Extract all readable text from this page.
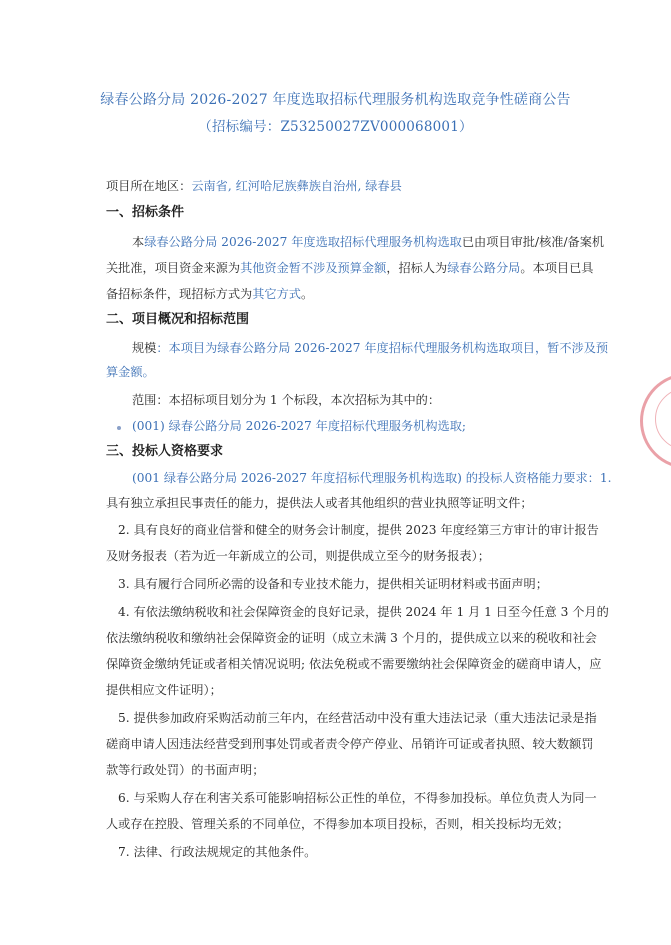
绿春公路分局 2026-2027 年度选取招标代理服务机构选取竞争性磋商公告
（招标编号：Z53250027ZV000068001）
项目所在地区：云南省, 红河哈尼族彝族自治州, 绿春县
一、招标条件
本绿春公路分局 2026-2027 年度选取招标代理服务机构选取已由项目审批/核准/备案机
关批准，项目资金来源为其他资金暂不涉及预算金额，招标人为绿春公路分局。本项目已具
备招标条件，现招标方式为其它方式。
二、项目概况和招标范围
规模：本项目为绿春公路分局 2026-2027 年度招标代理服务机构选取项目，暂不涉及预
算金额。
范围：本招标项目划分为 1 个标段，本次招标为其中的：
(001) 绿春公路分局 2026-2027 年度招标代理服务机构选取;
三、投标人资格要求
(001 绿春公路分局 2026-2027 年度招标代理服务机构选取) 的投标人资格能力要求：1.
具有独立承担民事责任的能力，提供法人或者其他组织的营业执照等证明文件；
2. 具有良好的商业信誉和健全的财务会计制度，提供 2023 年度经第三方审计的审计报告
及财务报表（若为近一年新成立的公司，则提供成立至今的财务报表）；
3. 具有履行合同所必需的设备和专业技术能力，提供相关证明材料或书面声明；
4. 有依法缴纳税收和社会保障资金的良好记录，提供 2024 年 1 月 1 日至今任意 3 个月的
依法缴纳税收和缴纳社会保障资金的证明（成立未满 3 个月的，提供成立以来的税收和社会
保障资金缴纳凭证或者相关情况说明; 依法免税或不需要缴纳社会保障资金的磋商申请人，应
提供相应文件证明）；
5. 提供参加政府采购活动前三年内，在经营活动中没有重大违法记录（重大违法记录是指
磋商申请人因违法经营受到刑事处罚或者责令停产停业、吊销许可证或者执照、较大数额罚
款等行政处罚）的书面声明；
6. 与采购人存在利害关系可能影响招标公正性的单位，不得参加投标。单位负责人为同一
人或存在控股、管理关系的不同单位，不得参加本项目投标，否则，相关投标均无效；
7. 法律、行政法规规定的其他条件。
